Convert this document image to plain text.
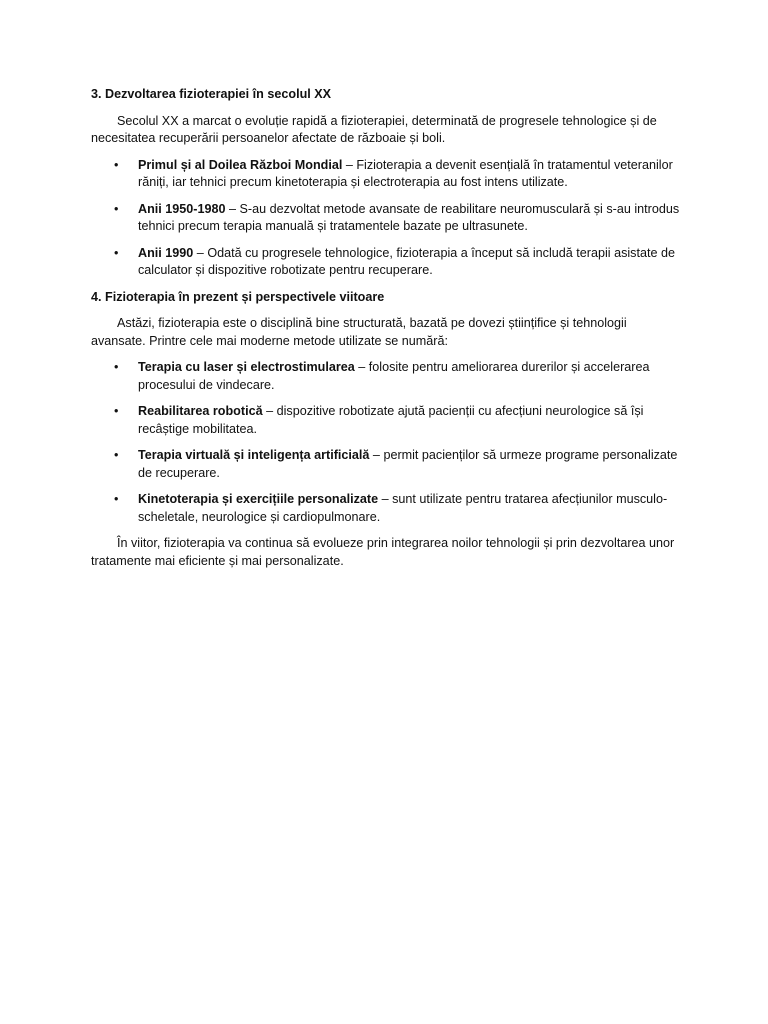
3. Dezvoltarea fizioterapiei în secolul XX

Secolul XX a marcat o evoluție rapidă a fizioterapiei, determinată de progresele tehnologice și de necesitatea recuperării persoanelor afectate de războaie și boli.

• Primul și al Doilea Război Mondial – Fizioterapia a devenit esențială în tratamentul veteranilor răniți, iar tehnici precum kinetoterapia și electroterapia au fost intens utilizate.
• Anii 1950-1980 – S-au dezvoltat metode avansate de reabilitare neuromusculară și s-au introdus tehnici precum terapia manuală și tratamentele bazate pe ultrasunete.
• Anii 1990 – Odată cu progresele tehnologice, fizioterapia a început să includă terapii asistate de calculator și dispozitive robotizate pentru recuperare.
4. Fizioterapia în prezent și perspectivele viitoare

Astăzi, fizioterapia este o disciplină bine structurată, bazată pe dovezi științifice și tehnologii avansate. Printre cele mai moderne metode utilizate se numără:

• Terapia cu laser și electrostimularea – folosite pentru ameliorarea durerilor și accelerarea procesului de vindecare.
• Reabilitarea robotică – dispozitive robotizate ajută pacienții cu afecțiuni neurologice să își recâștige mobilitatea.
• Terapia virtuală și inteligența artificială – permit pacienților să urmeze programe personalizate de recuperare.
• Kinetoterapia și exercițiile personalizate – sunt utilizate pentru tratarea afecțiunilor musculo-scheletale, neurologice și cardiopulmonare.

În viitor, fizioterapia va continua să evolueze prin integrarea noilor tehnologii și prin dezvoltarea unor tratamente mai eficiente și mai personalizate.
